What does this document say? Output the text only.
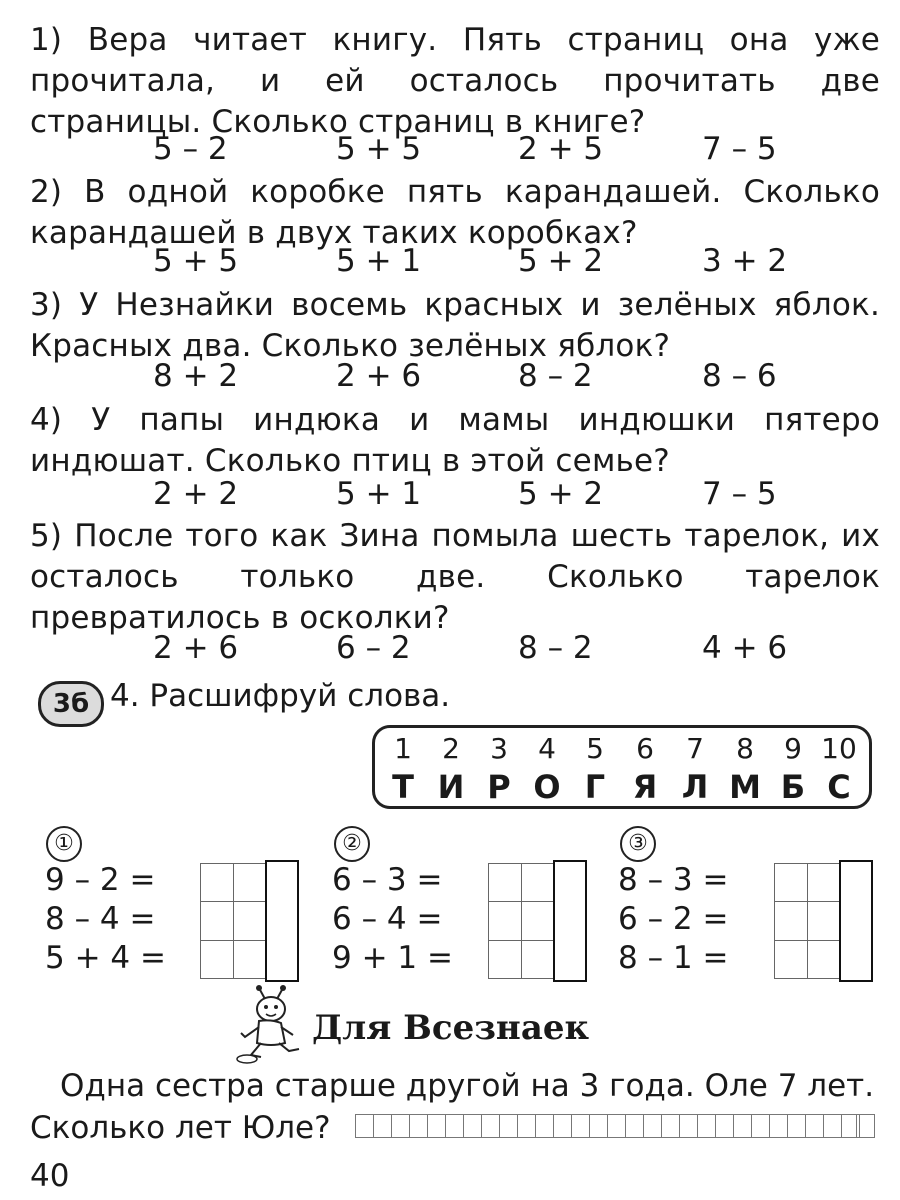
1) Вера читает книгу. Пять страниц она уже прочитала, и ей осталось прочитать две страницы. Сколько страниц в книге?

5 – 2	5 + 5	2 + 5	7 – 5

2) В одной коробке пять карандашей. Сколько карандашей в двух таких коробках?

5 + 5	5 + 1	5 + 2	3 + 2

3) У Незнайки восемь красных и зелёных яблок. Красных два. Сколько зелёных яблок?

8 + 2	2 + 6	8 – 2	8 – 6

4) У папы индюка и мамы индюшки пятеро индюшат. Сколько птиц в этой семье?

2 + 2	5 + 1	5 + 2	7 – 5

5) После того как Зина помыла шесть тарелок, их осталось только две. Сколько тарелок превратилось в осколки?

2 + 6	6 – 2	8 – 2	4 + 6
3б 4. Расшифруй слова.
1	2	3	4	5	6	7	8	9 10
Т И Р О Г Я Л М Б С
①
9 – 2 =
8 – 4 =
5 + 4 =
②
6 – 3 =
6 – 4 =
9 + 1 =
③
8 – 3 =
6 – 2 =
8 – 1 =
Для Всезнаек

Одна сестра старше другой на 3 года. Оле 7 лет. Сколько лет Юле?

40
